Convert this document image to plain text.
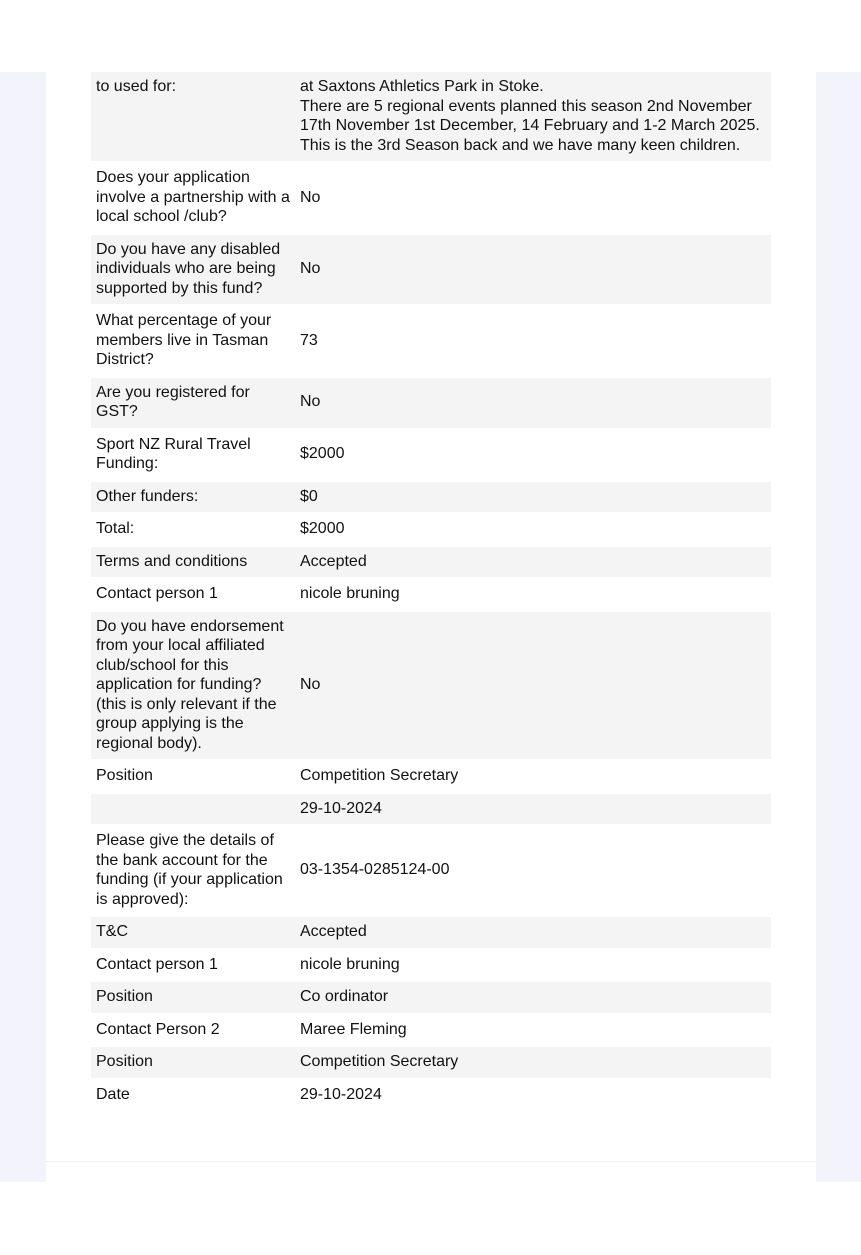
to used for:	at Saxtons Athletics Park in Stoke.
There are 5 regional events planned this season 2nd November 17th November 1st December, 14 February and 1-2 March 2025.
This is the 3rd Season back and we have many keen children.

Does your application involve a partnership with a local school /club?	No
Do you have any disabled individuals who are being supported by this fund?	No
What percentage of your members live in Tasman District?	73
Are you registered for GST?	No
Sport NZ Rural Travel Funding:	$2000
Other funders:	$0
Total:	$2000
Terms and conditions	Accepted
Contact person 1	nicole bruning
Do you have endorsement from your local affiliated club/school for this application for funding? (this is only relevant if the group applying is the regional body).	No
Position	Competition Secretary
	29-10-2024
Please give the details of the bank account for the funding (if your application is approved):	03-1354-0285124-00
T&C	Accepted
Contact person 1	nicole bruning
Position	Co ordinator
Contact Person 2	Maree Fleming
Position	Competition Secretary
Date	29-10-2024
